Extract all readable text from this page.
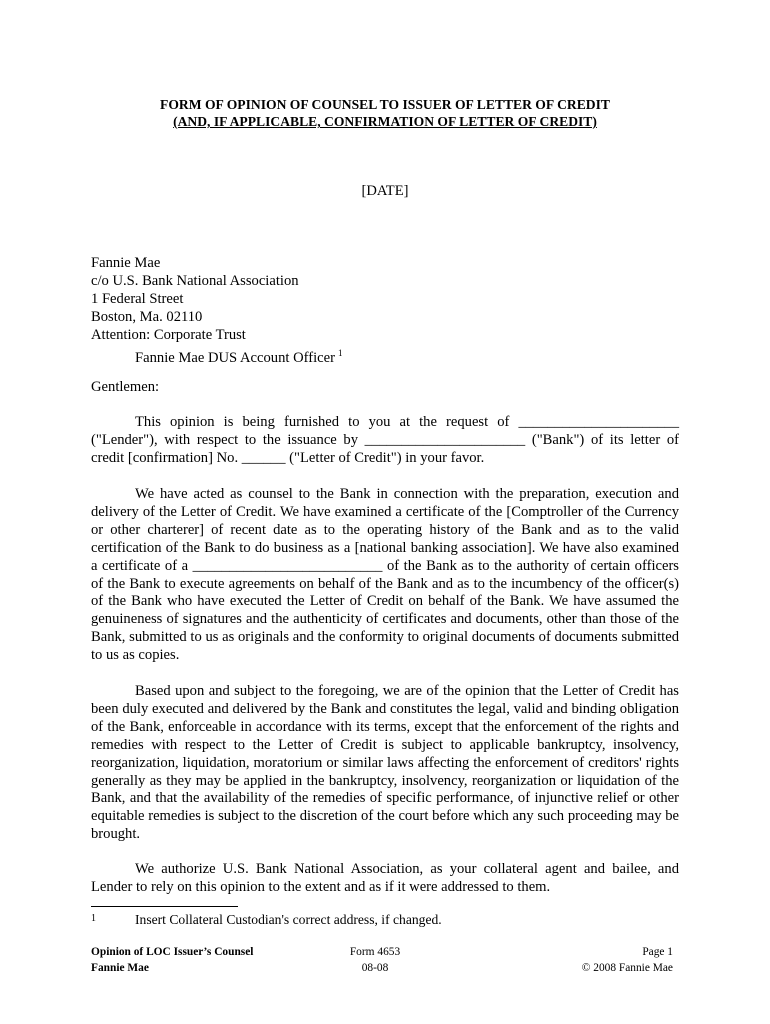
FORM OF OPINION OF COUNSEL TO ISSUER OF LETTER OF CREDIT
(AND, IF APPLICABLE, CONFIRMATION OF LETTER OF CREDIT)
[DATE]
Fannie Mae
c/o U.S. Bank National Association
1 Federal Street
Boston, Ma. 02110
Attention: Corporate Trust
Fannie Mae DUS Account Officer $^1$
Gentlemen:

This opinion is being furnished to you at the request of ______________________ ("Lender"), with respect to the issuance by ______________________ ("Bank") of its letter of credit [confirmation] No. ______ ("Letter of Credit") in your favor.

We have acted as counsel to the Bank in connection with the preparation, execution and delivery of the Letter of Credit. We have examined a certificate of the [Comptroller of the Currency or other charterer] of recent date as to the operating history of the Bank and as to the valid certification of the Bank to do business as a [national banking association]. We have also examined a certificate of a __________________________ of the Bank as to the authority of certain officers of the Bank to execute agreements on behalf of the Bank and as to the incumbency of the officer(s) of the Bank who have executed the Letter of Credit on behalf of the Bank. We have assumed the genuineness of signatures and the authenticity of certificates and documents, other than those of the Bank, submitted to us as originals and the conformity to original documents of documents submitted to us as copies.

Based upon and subject to the foregoing, we are of the opinion that the Letter of Credit has been duly executed and delivered by the Bank and constitutes the legal, valid and binding obligation of the Bank, enforceable in accordance with its terms, except that the enforcement of the rights and remedies with respect to the Letter of Credit is subject to applicable bankruptcy, insolvency, reorganization, liquidation, moratorium or similar laws affecting the enforcement of creditors' rights generally as they may be applied in the bankruptcy, insolvency, reorganization or liquidation of the Bank, and that the availability of the remedies of specific performance, of injunctive relief or other equitable remedies is subject to the discretion of the court before which any such proceeding may be brought.

We authorize U.S. Bank National Association, as your collateral agent and bailee, and Lender to rely on this opinion to the extent and as if it were addressed to them.

1	Insert Collateral Custodian's correct address, if changed.
Opinion of LOC Issuer’s Counsel
Fannie Mae
Form 4653
08-08
Page 1
© 2008 Fannie Mae
